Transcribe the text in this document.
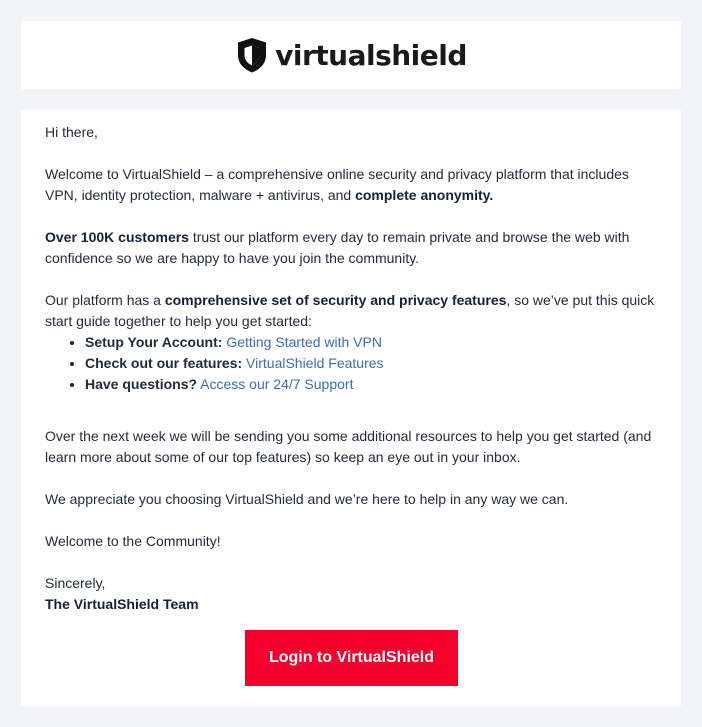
virtualshield

Hi there,

Welcome to VirtualShield – a comprehensive online security and privacy platform that includes VPN, identity protection, malware + antivirus, and complete anonymity.

Over 100K customers trust our platform every day to remain private and browse the web with confidence so we are happy to have you join the community.

Our platform has a comprehensive set of security and privacy features, so we’ve put this quick start guide together to help you get started:

• Setup Your Account: Getting Started with VPN
• Check out our features: VirtualShield Features
• Have questions? Access our 24/7 Support

Over the next week we will be sending you some additional resources to help you get started (and learn more about some of our top features) so keep an eye out in your inbox.

We appreciate you choosing VirtualShield and we’re here to help in any way we can.

Welcome to the Community!

Sincerely,

The VirtualShield Team

Login to VirtualShield
